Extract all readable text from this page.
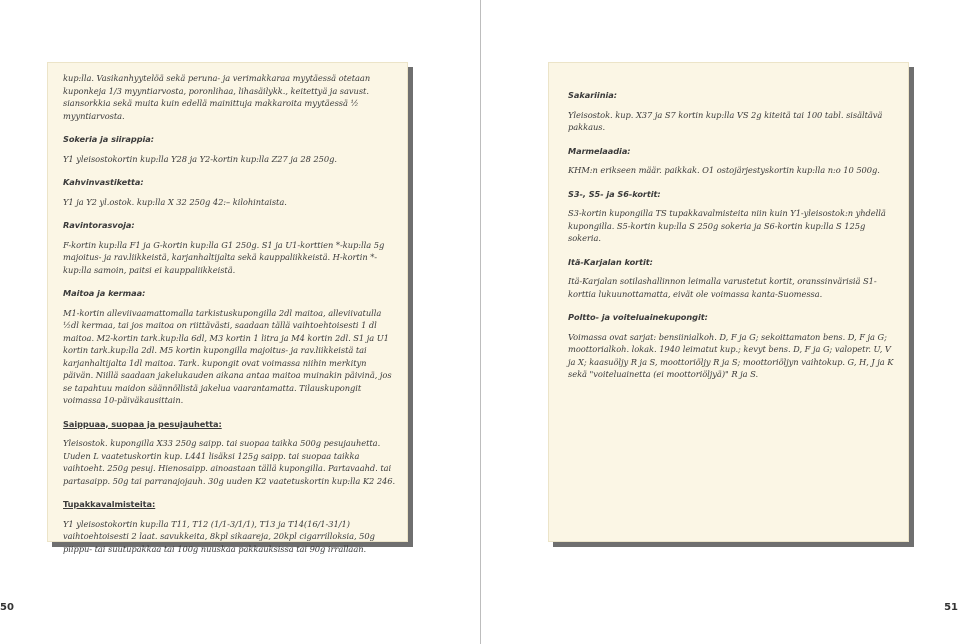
kup:lla. Vasikanhyytelöä sekä peruna- ja verimakkaraa myytäessä otetaan kuponkeja 1/3 myyntiarvosta, poronlihaa, lihasäilykk., keitettyä ja savust. siansorkkia sekä muita kuin edellä mainittuja makkaroita myytäessä ½ myyntiarvosta.
Sokeria ja siirappia:
Y1 yleisostokortin kup:lla Y28 ja Y2-kortin kup:lla Z27 ja 28 250g.
Kahvinvastiketta:
Y1 ja Y2 yl.ostok. kup:lla X 32 250g 42:– kilohintaista.
Ravintorasvoja:
F-kortin kup:lla F1 ja G-kortin kup:lla G1 250g. S1 ja U1-korttien *-kup:lla 5g majoitus- ja rav.liikkeistä, karjanhaltijalta sekä kauppaliikkeistä. H-kortin *-kup:lla samoin, paitsi ei kauppaliikkeistä.
Maitoa ja kermaa:
M1-kortin alleviivaamattomalla tarkistuskupongilla 2dl maitoa, alleviivatulla ½dl kermaa, tai jos maitoa on riittävästi, saadaan tällä vaihtoehtoisesti 1 dl maitoa. M2-kortin tark.kup:lla 6dl, M3 kortin 1 litra ja M4 kortin 2dl. S1 ja U1 kortin tark.kup:lla 2dl. M5 kortin kupongilla majoitus- ja rav.liikkeistä tai karjanhaltijalta 1dl maitoa. Tark. kupongit ovat voimassa niihin merkityn päivän. Niillä saadaan jakelukauden aikana antaa maitoa muinakin päivinä, jos se tapahtuu maidon säännöllistä jakelua vaarantamatta. Tilauskupongit voimassa 10-päiväkausittain.
Saippuaa, suopaa ja pesujauhetta:
Yleisostok. kupongilla X33 250g saipp. tai suopaa taikka 500g pesujauhetta. Uuden L vaatetuskortin kup. L441 lisäksi 125g saipp. tai suopaa taikka vaihtoeht. 250g pesuj. Hienosaipp. ainoastaan tällä kupongilla. Partavaahd. tai partasaipp. 50g tai parranajojauh. 30g uuden K2 vaatetuskortin kup:lla K2 246.
Tupakkavalmisteita:
Y1 yleisostokortin kup:lla T11, T12 (1/1-3/1/1), T13 ja T14(16/1-31/1) vaihtoehtoisesti 2 laat. savukkeita, 8kpl sikaareja, 20kpl cigarrilloksia, 50g piippu- tai suutupakkaa tai 100g nuuskaa pakkauksissa tai 90g irrallaan.
Sakariinia:
Yleisostok. kup. X37 ja S7 kortin kup:lla VS 2g kiteitä tai 100 tabl. sisältävä pakkaus.
Marmelaadia:
KHM:n erikseen määr. paikkak. O1 ostojärjestyskortin kup:lla n:o 10 500g.
S3-, S5- ja S6-kortit:
S3-kortin kupongilla TS tupakkavalmisteita niin kuin Y1-yleisostok:n yhdellä kupongilla. S5-kortin kup:lla S 250g sokeria ja S6-kortin kup:lla S 125g sokeria.
Itä-Karjalan kortit:
Itä-Karjalan sotilashallinnon leimalla varustetut kortit, oranssinvärisiä S1-korttia lukuunottamatta, eivät ole voimassa kanta-Suomessa.
Poltto- ja voiteluainekupongit:
Voimassa ovat sarjat: bensiinialkoh. D, F ja G; sekoittamaton bens. D, F ja G; moottorialkoh. lokak. 1940 leimatut kup.; kevyt bens. D, F ja G; valopetr. U, V ja X; kaasuöljy R ja S, moottoriöljy R ja S; moottoriöljyn vaihtokup. G, H, J ja K sekä "voiteluainetta (ei moottoriöljyä)" R ja S.
50	51
